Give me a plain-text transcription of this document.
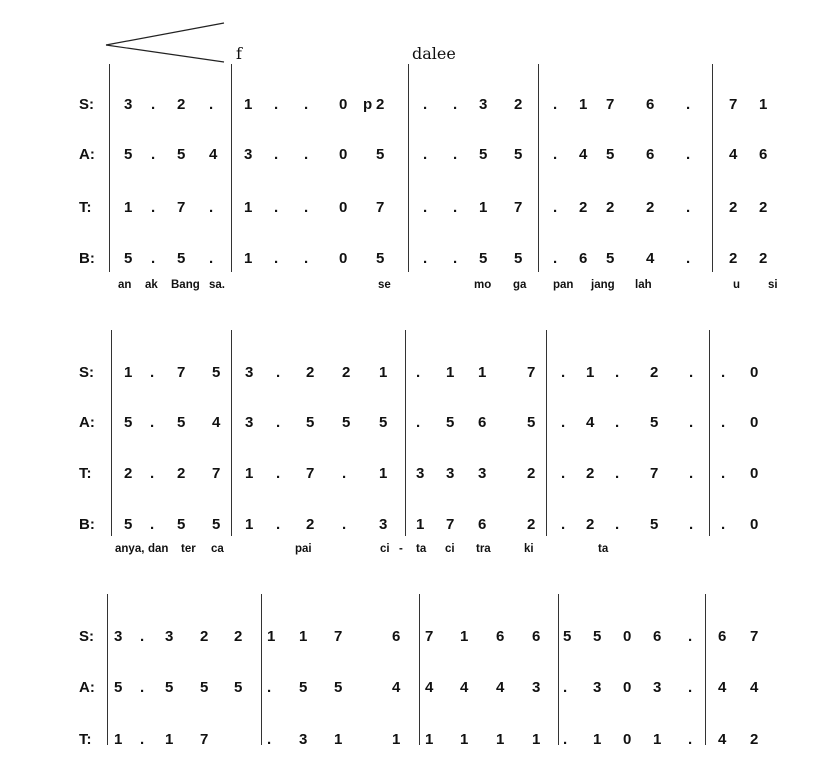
f	dalee
p
S: 3 . 2 . 1 . . 0 2	. . 3 2 . 1 7 6 .	7 1
A: 5 . 5 4 3 . . 0 5	. . 5 5 . 4 5 6 .	4 6
T: 1 . 7 . 1 . . 0 7	. . 1 7 . 2 2 2 .	2 2
B: 5 . 5 . 1 . . 0 5	. . 5 5 . 6 5 4 .	2 2
an ak Bang sa.	se	mo ga pan jang lah	u si
S: 1 . 7 5 3 . 2 2 1 . 1 1	7 . 1 . 2 . . 0
A: 5 . 5 4 3 . 5 5 5 . 5 6	5 . 4 . 5 . . 0
T: 2 . 2 7 1 . 7 . 1 3 3 3	2 . 2 . 7 . . 0
B: 5 . 5 5 1 . 2 . 3 1 7 6	2 . 2 . 5 . . 0
anya, dan ter ca	pai	ci - ta ci tra	ki	ta
S: 3 . 3 2 2 1 1 7	6 7 1 6 6 5 5 0 6 . 6 7
A: 5 . 5 5 5 . 5 5	4 4 4 4 3 . 3 0 3 . 4 4
T: 1 . 1 7	. 3 1	1 1 1 1 1 . 1 0 1 . 4 2
